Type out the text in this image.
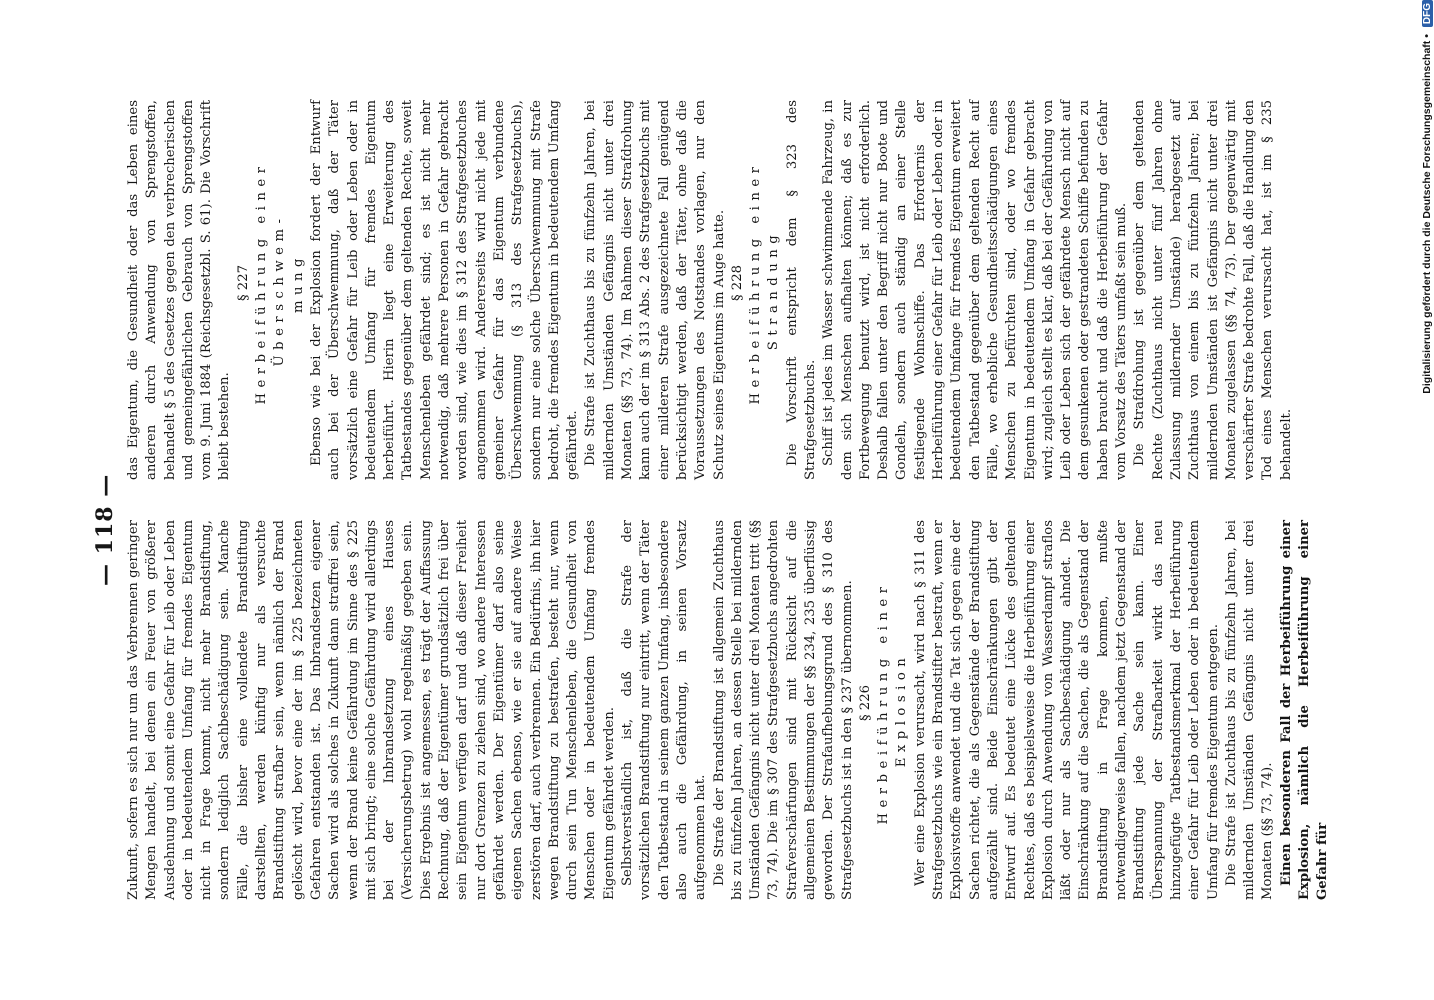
Zukunft, sofern es sich nur um das Verbrennen geringer Mengen handelt, bei denen ein Feuer von größerer Ausdehnung und somit eine Gefahr für Leib oder Leben oder in bedeutendem Umfang für fremdes Eigentum nicht in Frage kommt, nicht mehr Brandstiftung, sondern lediglich Sachbeschädigung sein. Manche Fälle, die bisher eine vollendete Brandstiftung darstellten, werden künftig nur als versuchte Brandstiftung strafbar sein, wenn nämlich der Brand gelöscht wird, bevor eine der im § 225 bezeichneten Gefahren entstanden ist. Das Inbrandsetzen eigener Sachen wird als solches in Zukunft dann straffrei sein, wenn der Brand keine Gefährdung im Sinne des § 225 mit sich bringt; eine solche Gefährdung wird allerdings bei der Inbrandsetzung eines Hauses (Versicherungsbetrug) wohl regelmäßig gegeben sein. Dies Ergebnis ist angemessen, es trägt der Auffassung Rechnung, daß der Eigentümer grundsätzlich frei über sein Eigentum verfügen darf und daß dieser Freiheit nur dort Grenzen zu ziehen sind, wo andere Interessen gefährdet werden. Der Eigentümer darf also seine eigenen Sachen ebenso, wie er sie auf andere Weise zerstören darf, auch verbrennen. Ein Bedürfnis, ihn hier wegen Brandstiftung zu bestrafen, besteht nur, wenn durch sein Tun Menschenleben, die Gesundheit von Menschen oder in bedeutendem Umfang fremdes Eigentum gefährdet werden. Selbstverständlich ist, daß die Strafe der vorsätzlichen Brandstiftung nur eintritt, wenn der Täter den Tatbestand in seinem ganzen Umfang, insbesondere also auch die Gefährdung, in seinen Vorsatz aufgenommen hat. Die Strafe der Brandstiftung ist allgemein Zuchthaus bis zu fünfzehn Jahren, an dessen Stelle bei mildernden Umständen Gefängnis nicht unter drei Monaten tritt (§§ 73, 74). Die im § 307 des Strafgesetzbuchs angedrohten Strafverschärfungen sind mit Rücksicht auf die allgemeinen Bestimmungen der §§ 234, 235 überflüssig geworden. Der Strafaufhebungsgrund des § 310 des Strafgesetzbuchs ist in den § 237 übernommen. § 226 Herbeiführung einer Explosion Wer eine Explosion verursacht, wird nach § 311 des Strafgesetzbuchs wie ein Brandstifter bestraft, wenn er Explosivstoffe anwendet und die Tat sich gegen eine der Sachen richtet, die als Gegenstände der Brandstiftung aufgezählt sind. Beide Einschränkungen gibt der Entwurf auf. Es bedeutet eine Lücke des geltenden Rechtes, daß es beispielsweise die Herbeiführung einer Explosion durch Anwendung von Wasserdampf straflos läßt oder nur als Sachbeschädigung ahndet. Die Einschränkung auf die Sachen, die als Gegenstand der Brandstiftung in Frage kommen, mußte notwendigerweise fallen, nachdem jetzt Gegenstand der Brandstiftung jede Sache sein kann. Einer Überspannung der Strafbarkeit wirkt das neu hinzugefügte Tatbestandsmerkmal der Herbeiführung einer Gefahr für Leib oder Leben oder in bedeutendem Umfang für fremdes Eigentum entgegen. Die Strafe ist Zuchthaus bis zu fünfzehn Jahren, bei mildernden Umständen Gefängnis nicht unter drei Monaten (§§ 73, 74). Einen besonderen Fall der Herbeiführung einer Explosion, nämlich die Herbeiführung einer Gefahr für

das Eigentum, die Gesundheit oder das Leben eines anderen durch Anwendung von Sprengstoffen, behandelt § 5 des Gesetzes gegen den verbrecherischen und gemeingefährlichen Gebrauch von Sprengstoffen vom 9. Juni 1884 (Reichsgesetzbl. S. 61). Die Vorschrift bleibt bestehen.

§ 227 Herbeiführung einer Überschwem- mung Ebenso wie bei der Explosion fordert der Entwurf auch bei der Überschwemmung, daß der Täter vorsätzlich eine Gefahr für Leib oder Leben oder in bedeutendem Umfang für fremdes Eigentum herbeiführt. Hierin liegt eine Erweiterung des Tatbestandes gegenüber dem geltenden Rechte, soweit Menschenleben gefährdet sind; es ist nicht mehr notwendig, daß mehrere Personen in Gefahr gebracht worden sind, wie dies im § 312 des Strafgesetzbuches angenommen wird. Andererseits wird nicht jede mit gemeiner Gefahr für das Eigentum verbundene Überschwemmung (§ 313 des Strafgesetzbuchs), sondern nur eine solche Überschwemmung mit Strafe bedroht, die fremdes Eigentum in bedeutendem Umfang gefährdet. Die Strafe ist Zuchthaus bis zu fünfzehn Jahren, bei mildernden Umständen Gefängnis nicht unter drei Monaten (§§ 73, 74). Im Rahmen dieser Strafdrohung kann auch der im § 313 Abs. 2 des Strafgesetzbuchs mit einer milderen Strafe ausgezeichnete Fall genügend berücksichtigt werden, daß der Täter, ohne daß die Voraussetzungen des Notstandes vorlagen, nur den Schutz seines Eigentums im Auge hatte. § 228 Herbeiführung einer Strandung Die Vorschrift entspricht dem § 323 des Strafgesetzbuchs. Schiff ist jedes im Wasser schwimmende Fahrzeug, in dem sich Menschen aufhalten können; daß es zur Fortbewegung benutzt wird, ist nicht erforderlich. Deshalb fallen unter den Begriff nicht nur Boote und Gondeln, sondern auch ständig an einer Stelle festliegende Wohnschiffe. Das Erfordernis der Herbeiführung einer Gefahr für Leib oder Leben oder in bedeutendem Umfange für fremdes Eigentum erweitert den Tatbestand gegenüber dem geltenden Recht auf Fälle, wo erhebliche Gesundheitsschädigungen eines Menschen zu befürchten sind, oder wo fremdes Eigentum in bedeutendem Umfang in Gefahr gebracht wird; zugleich stellt es klar, daß bei der Gefährdung von Leib oder Leben sich der gefährdete Mensch nicht auf dem gesunkenen oder gestrandeten Schiffe befunden zu haben braucht und daß die Herbeiführung der Gefahr vom Vorsatz des Täters umfaßt sein muß. Die Strafdrohung ist gegenüber dem geltenden Rechte (Zuchthaus nicht unter fünf Jahren ohne Zulassung mildernder Umstände) herabgesetzt auf Zuchthaus von einem bis zu fünfzehn Jahren; bei mildernden Umständen ist Gefängnis nicht unter drei Monaten zugelassen (§§ 74, 73). Der gegenwärtig mit verschärfter Strafe bedrohte Fall, daß die Handlung den Tod eines Menschen verursacht hat, ist im § 235 behandelt.

— 118 —
Digitalisierung gefördert durch die Deutsche Forschungsgemeinschaft •
DFG
